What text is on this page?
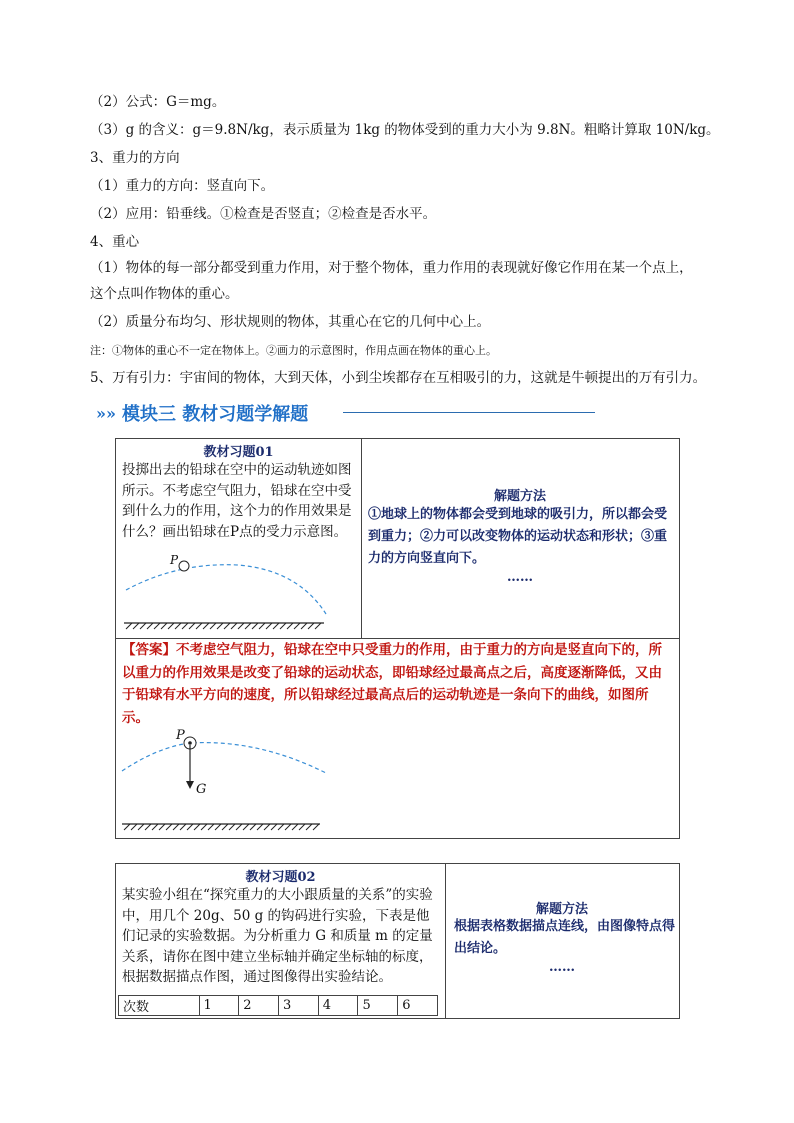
（2）公式：G＝mg。
（3）g 的含义：g＝9.8N/kg，表示质量为 1kg 的物体受到的重力大小为 9.8N。粗略计算取 10N/kg。
3、重力的方向
（1）重力的方向：竖直向下。
（2）应用：铅垂线。①检查是否竖直；②检查是否水平。
4、重心
（1）物体的每一部分都受到重力作用，对于整个物体，重力作用的表现就好像它作用在某一个点上，
这个点叫作物体的重心。
（2）质量分布均匀、形状规则的物体，其重心在它的几何中心上。
注：①物体的重心不一定在物体上。②画力的示意图时，作用点画在物体的重心上。
5、万有引力：宇宙间的物体，大到天体，小到尘埃都存在互相吸引的力，这就是牛顿提出的万有引力。
» » 模块三 教材习题学解题
教材习题01
投掷出去的铅球在空中的运动轨迹如图所示。不考虑空气阻力，铅球在空中受到什么力的作用，这个力的作用效果是什么？画出铅球在P点的受力示意图。
P
解题方法
①地球上的物体都会受到地球的吸引力，所以都会受到重力；②力可以改变物体的运动状态和形状；③重力的方向竖直向下。
……
【答案】不考虑空气阻力，铅球在空中只受重力的作用，由于重力的方向是竖直向下的，所以重力的作用效果是改变了铅球的运动状态，即铅球经过最高点之后，高度逐渐降低，又由于铅球有水平方向的速度，所以铅球经过最高点后的运动轨迹是一条向下的曲线，如图所示。
P
G
教材习题02
某实验小组在“探究重力的大小跟质量的关系”的实验中，用几个 20g、50 g 的钩码进行实验，下表是他们记录的实验数据。为分析重力 G 和质量 m 的定量关系，请你在图中建立坐标轴并确定坐标轴的标度，根据数据描点作图，通过图像得出实验结论。
次数	1	2	3	4	5	6
解题方法
根据表格数据描点连线，由图像特点得出结论。
……
